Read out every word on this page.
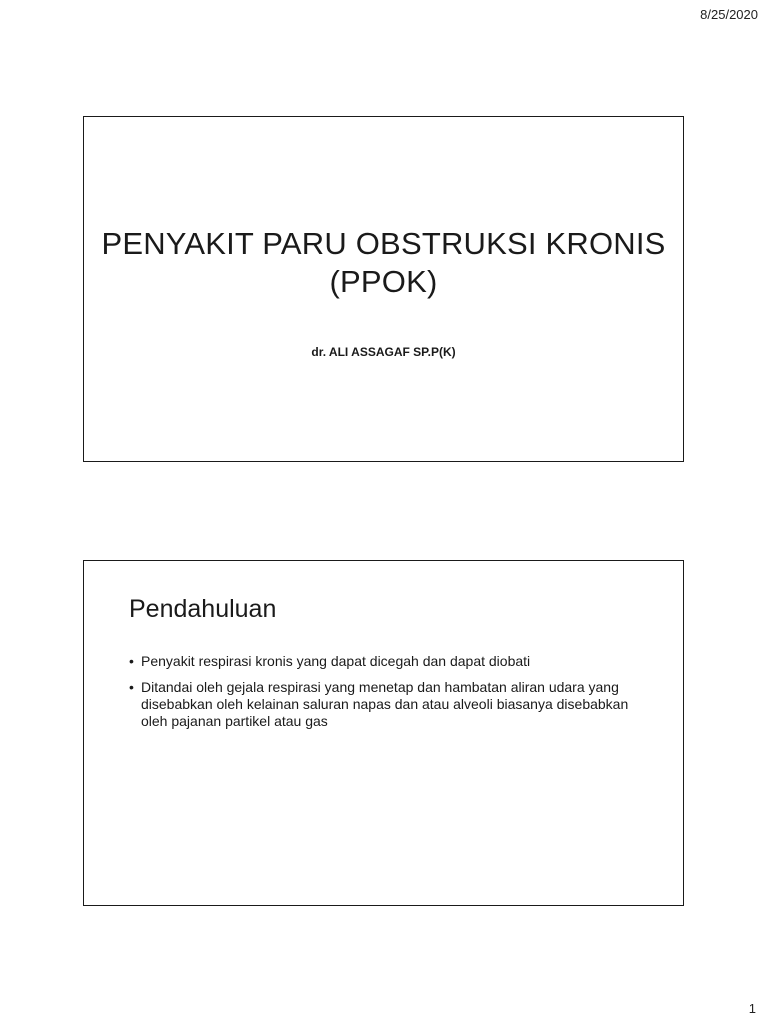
8/25/2020
PENYAKIT PARU OBSTRUKSI KRONIS
(PPOK)
dr. ALI ASSAGAF SP.P(K)
Pendahuluan
• Penyakit respirasi kronis yang dapat dicegah dan dapat diobati
• Ditandai oleh gejala respirasi yang menetap dan hambatan aliran udara yang disebabkan oleh kelainan saluran napas dan atau alveoli biasanya disebabkan oleh pajanan partikel atau gas
1
